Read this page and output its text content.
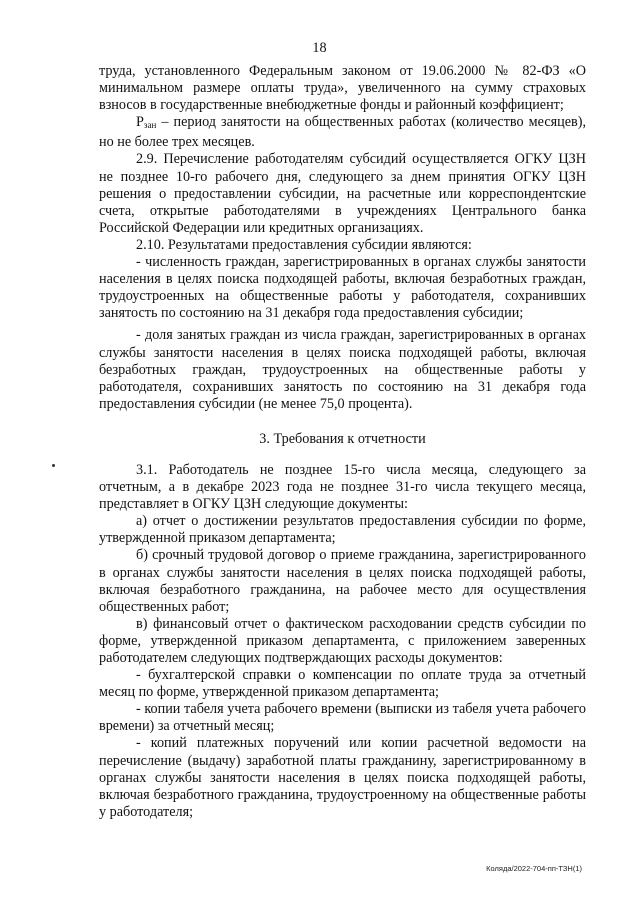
18

труда, установленного Федеральным законом от 19.06.2000 № 82-ФЗ «О минимальном размере оплаты труда», увеличенного на сумму страховых взносов в государственные внебюджетные фонды и районный коэффициент;

$Р_{зан}$ – период занятости на общественных работах (количество месяцев), но не более трех месяцев.

2.9. Перечисление работодателям субсидий осуществляется ОГКУ ЦЗН не позднее 10-го рабочего дня, следующего за днем принятия ОГКУ ЦЗН решения о предоставлении субсидии, на расчетные или корреспондентские счета, открытые работодателями в учреждениях Центрального банка Российской Федерации или кредитных организациях.

2.10. Результатами предоставления субсидии являются:

- численность граждан, зарегистрированных в органах службы занятости населения в целях поиска подходящей работы, включая безработных граждан, трудоустроенных на общественные работы у работодателя, сохранивших занятость по состоянию на 31 декабря года предоставления субсидии;

- доля занятых граждан из числа граждан, зарегистрированных в органах службы занятости населения в целях поиска подходящей работы, включая безработных граждан, трудоустроенных на общественные работы у работодателя, сохранивших занятость по состоянию на 31 декабря года предоставления субсидии (не менее 75,0 процента).

3. Требования к отчетности

3.1. Работодатель не позднее 15-го числа месяца, следующего за отчетным, а в декабре 2023 года не позднее 31-го числа текущего месяца, представляет в ОГКУ ЦЗН следующие документы:

а) отчет о достижении результатов предоставления субсидии по форме, утвержденной приказом департамента;

б) срочный трудовой договор о приеме гражданина, зарегистрированного в органах службы занятости населения в целях поиска подходящей работы, включая безработного гражданина, на рабочее место для осуществления общественных работ;

в) финансовый отчет о фактическом расходовании средств субсидии по форме, утвержденной приказом департамента, с приложением заверенных работодателем следующих подтверждающих расходы документов:

- бухгалтерской справки о компенсации по оплате труда за отчетный месяц по форме, утвержденной приказом департамента;

- копии табеля учета рабочего времени (выписки из табеля учета рабочего времени) за отчетный месяц;

- копий платежных поручений или копии расчетной ведомости на перечисление (выдачу) заработной платы гражданину, зарегистрированному в органах службы занятости населения в целях поиска подходящей работы, включая безработного гражданина, трудоустроенному на общественные работы у работодателя;

Коляда/2022-704-пп-ТЗН(1)
